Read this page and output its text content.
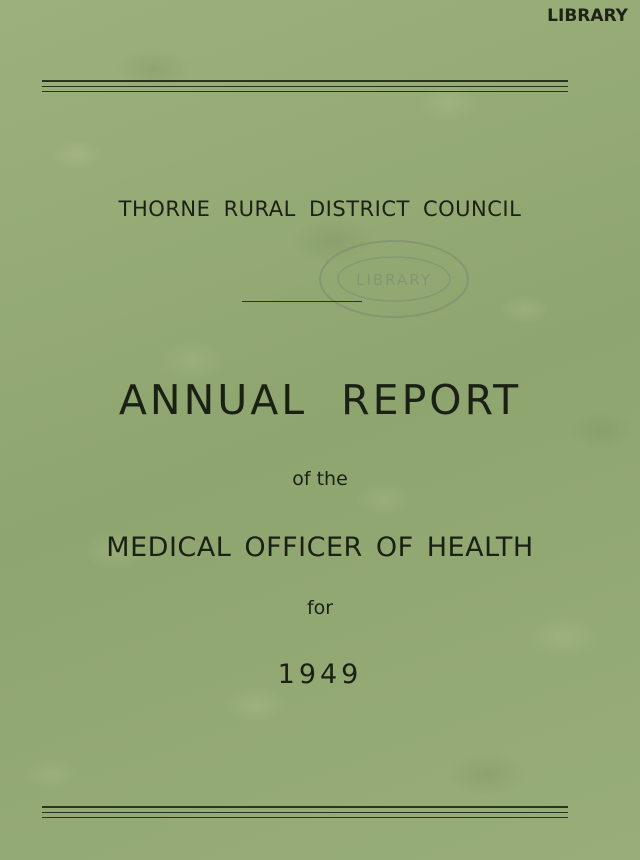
LIBRARY
THORNE RURAL DISTRICT COUNCIL
LIBRARY
ANNUAL REPORT
of the
MEDICAL OFFICER OF HEALTH
for
1949
